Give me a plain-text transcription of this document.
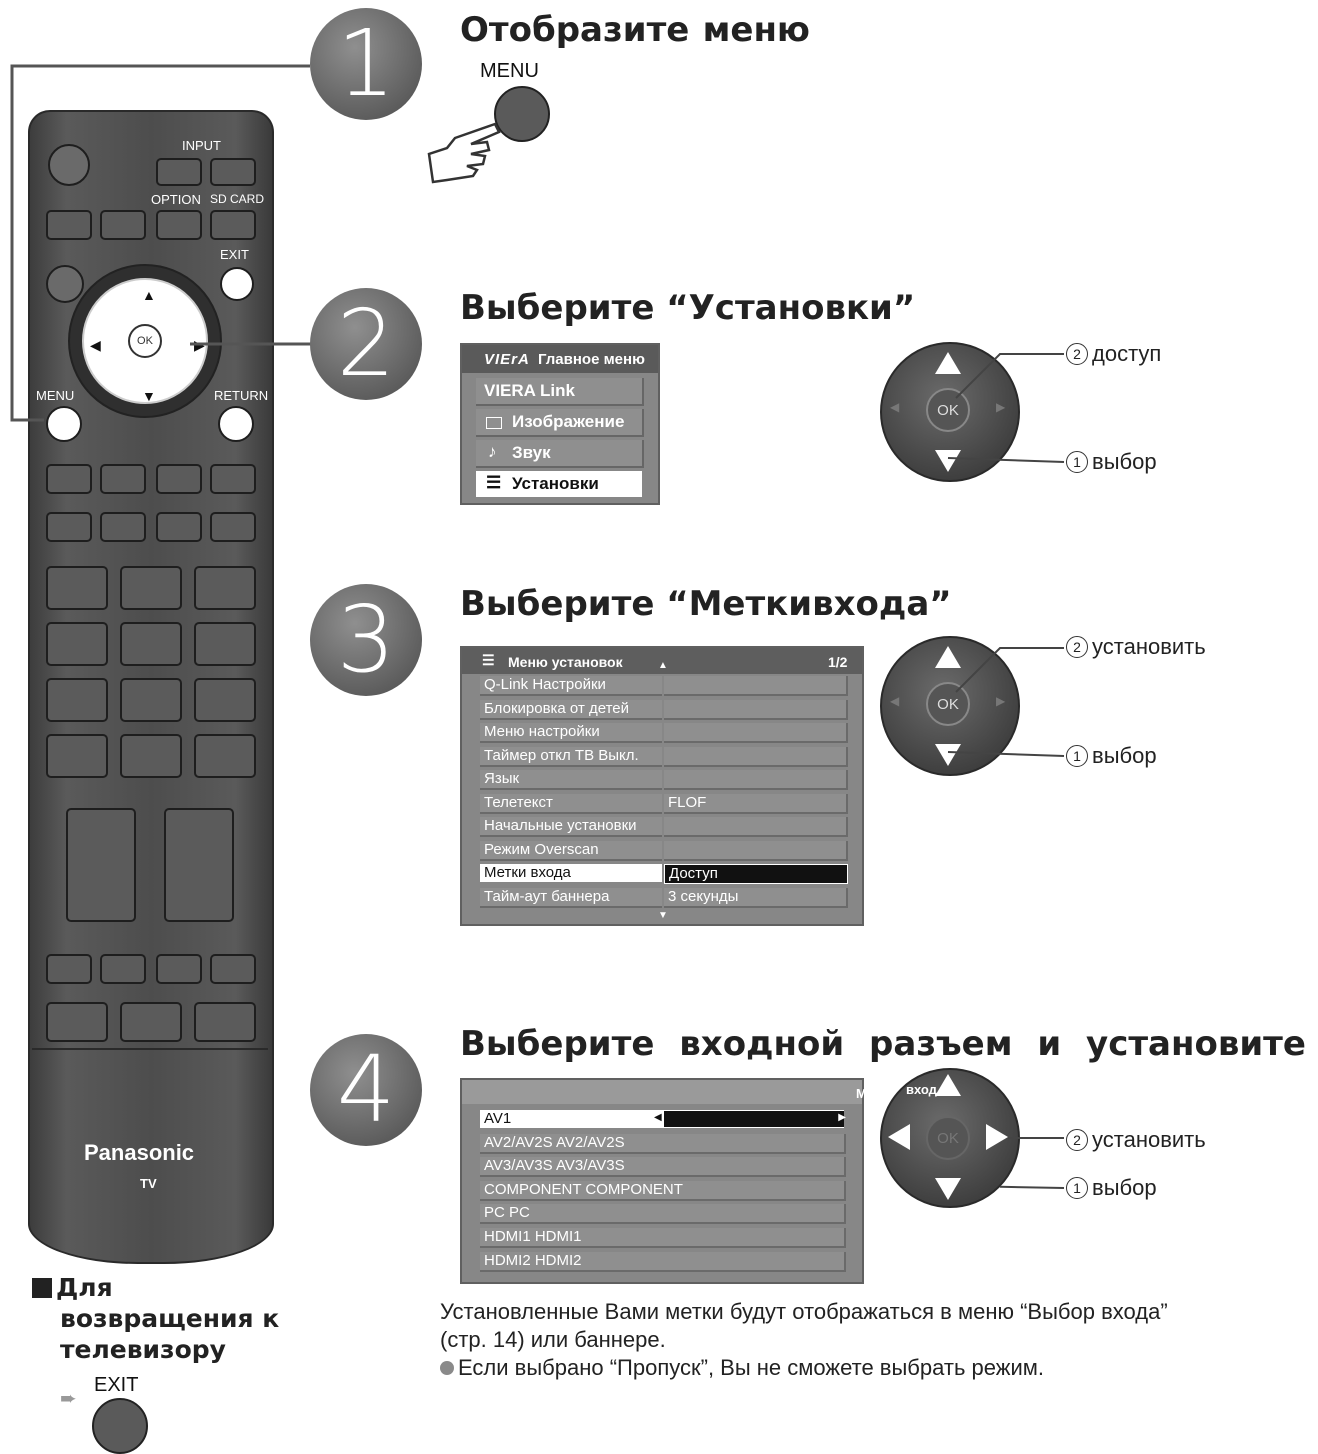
INPUT
OPTION SD CARD
EXIT
OK
▲
▼
◀	▶
MENU	RETURN
Panasonic
TV
1	Отобразите меню
MENU
2	Выберите “Установки”
VIErA Главное меню
VIERA Link
Изображение
♪ Звук
☰ Установки
◀	▶
OK
2 доступ
1 выбор
3	Выберите “Метки входа”
☰ Меню установок	▲	1/2
Q-Link Настройки
Блокировка от детей
Меню настройки
Таймер откл ТВ Выкл.
Язык
Телетекст	FLOF
Начальные установки
Режим Overscan
Метки входа	Доступ
Тайм-аут баннера	3 секунды
▼
◀	▶
OK
2 установить
1 выбор
4	Выберите входной разъем и установите
М
AV1	◀	▶
AV2/AV2S AV2/AV2S
AV3/AV3S AV3/AV3S
COMPONENT COMPONENT
PC PC
HDMI1 HDMI1
HDMI2 HDMI2
вход
OK	2 установить
1 выбор
Установленные Вами метки будут отображаться в меню “Выбор входа”
(стр. 14) или баннере.
Если выбрано “Пропуск”, Вы не сможете выбрать режим.
Для
возвращения к
телевизору
➨
EXIT
